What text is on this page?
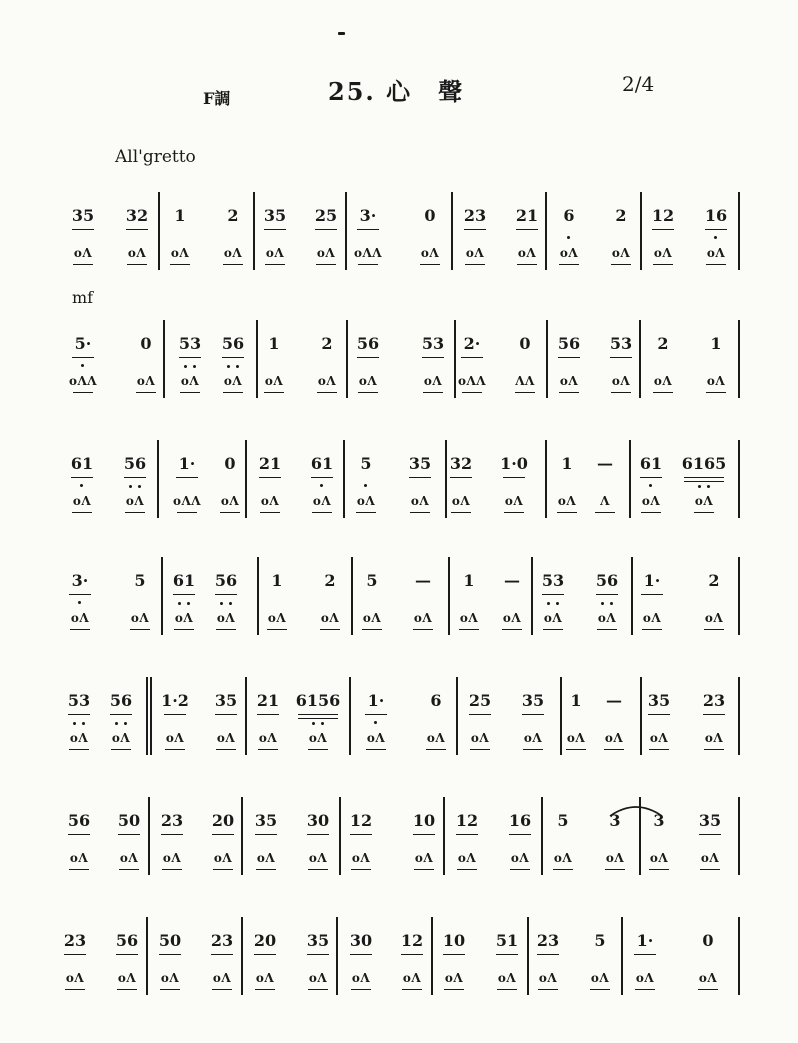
F調	25. 心　聲	2/4
All'gretto
mf
35
oΛ
32
oΛ
1
oΛ
2
oΛ
35
oΛ
25
oΛ
3·
oΛΛ
0
oΛ
23
oΛ
21
oΛ
6
oΛ
2
oΛ
12
oΛ
16
oΛ
5·
oΛΛ
0
oΛ
53
oΛ
56
oΛ
1
oΛ
2
oΛ
56
oΛ
53
oΛ
2·
oΛΛ
0
ΛΛ
56
oΛ
53
oΛ
2
oΛ
1
oΛ
61
oΛ
56
oΛ
1·
oΛΛ
0
oΛ
21
oΛ
61
oΛ
5
oΛ
35
oΛ
32
oΛ
1·0
oΛ
1
oΛ
—
Λ
61
oΛ
6165
oΛ
3·
oΛ
5
oΛ
61
oΛ
56
oΛ
1
oΛ
2
oΛ
5
oΛ
—
oΛ
1
oΛ
—
oΛ
53
oΛ
56
oΛ
1·
oΛ
2
oΛ
53
oΛ
56
oΛ
1·2
oΛ
35
oΛ
21
oΛ
6156
oΛ
1·
oΛ
6
oΛ
25
oΛ
35
oΛ
1
oΛ
—
oΛ
35
oΛ
23
oΛ
56
oΛ
50
oΛ
23
oΛ
20
oΛ
35
oΛ
30
oΛ
12
oΛ
10
oΛ
12
oΛ
16
oΛ
5
oΛ
3
oΛ
3
oΛ
35
oΛ
23
oΛ
56
oΛ
50
oΛ
23
oΛ
20
oΛ
35
oΛ
30
oΛ
12
oΛ
10
oΛ
51
oΛ
23
oΛ
5
oΛ
1·
oΛ
0
oΛ
